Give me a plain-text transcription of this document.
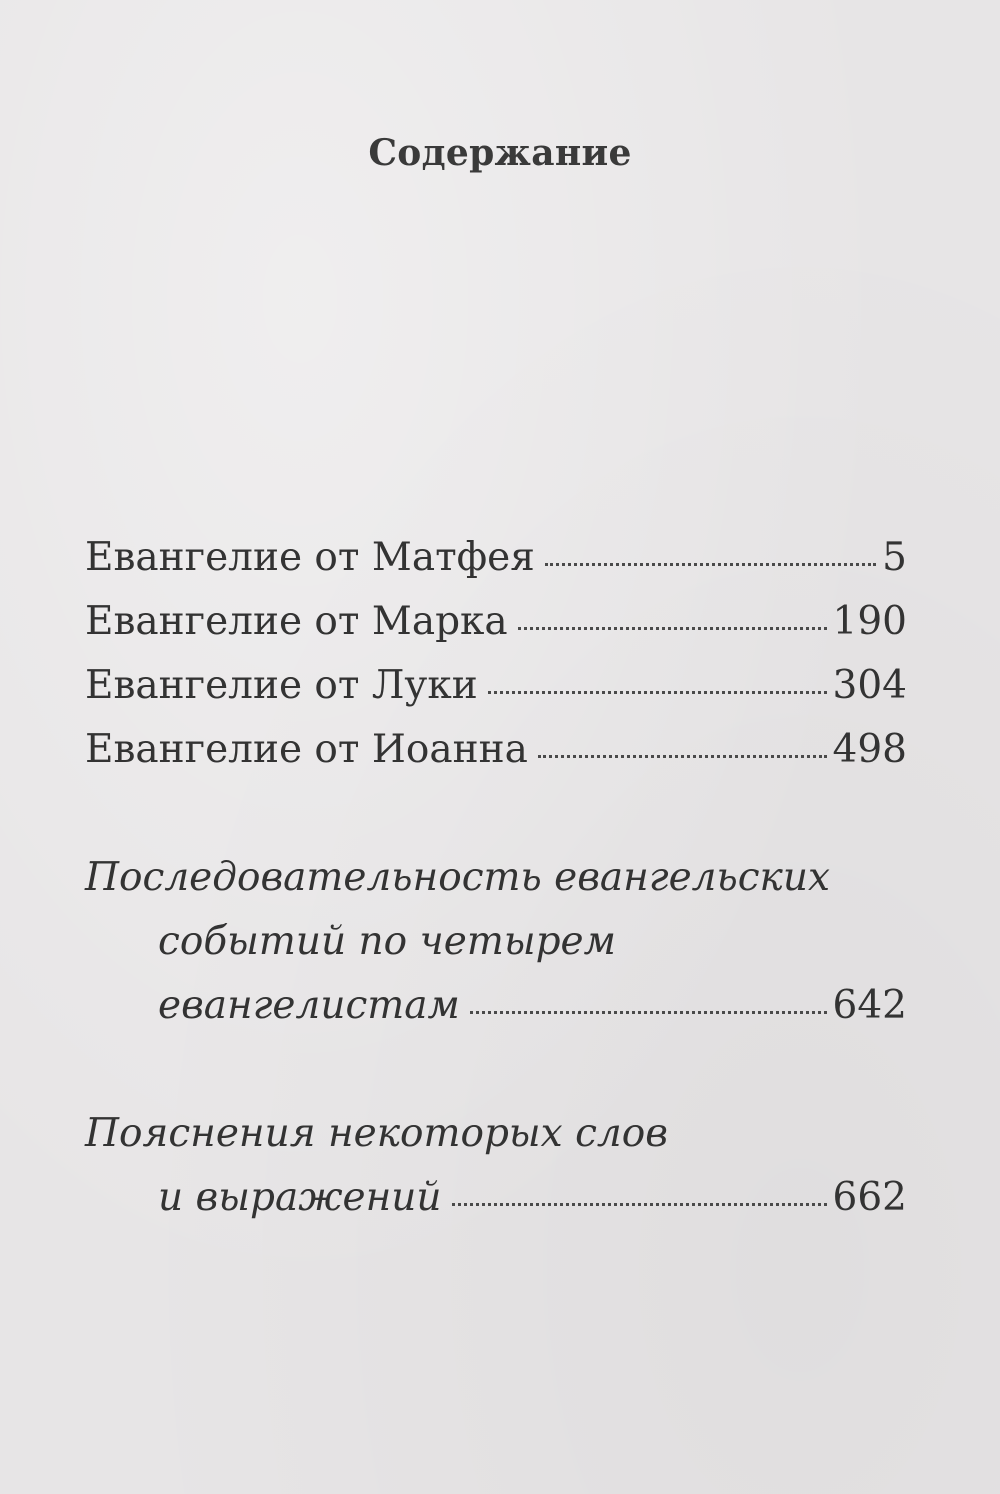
Содержание
Евангелие от Матфея	5
Евангелие от Марка	190
Евангелие от Луки	304
Евангелие от Иоанна	498
Последовательность евангельских
событий по четырем
евангелистам	642
Пояснения некоторых слов
и выражений	662
